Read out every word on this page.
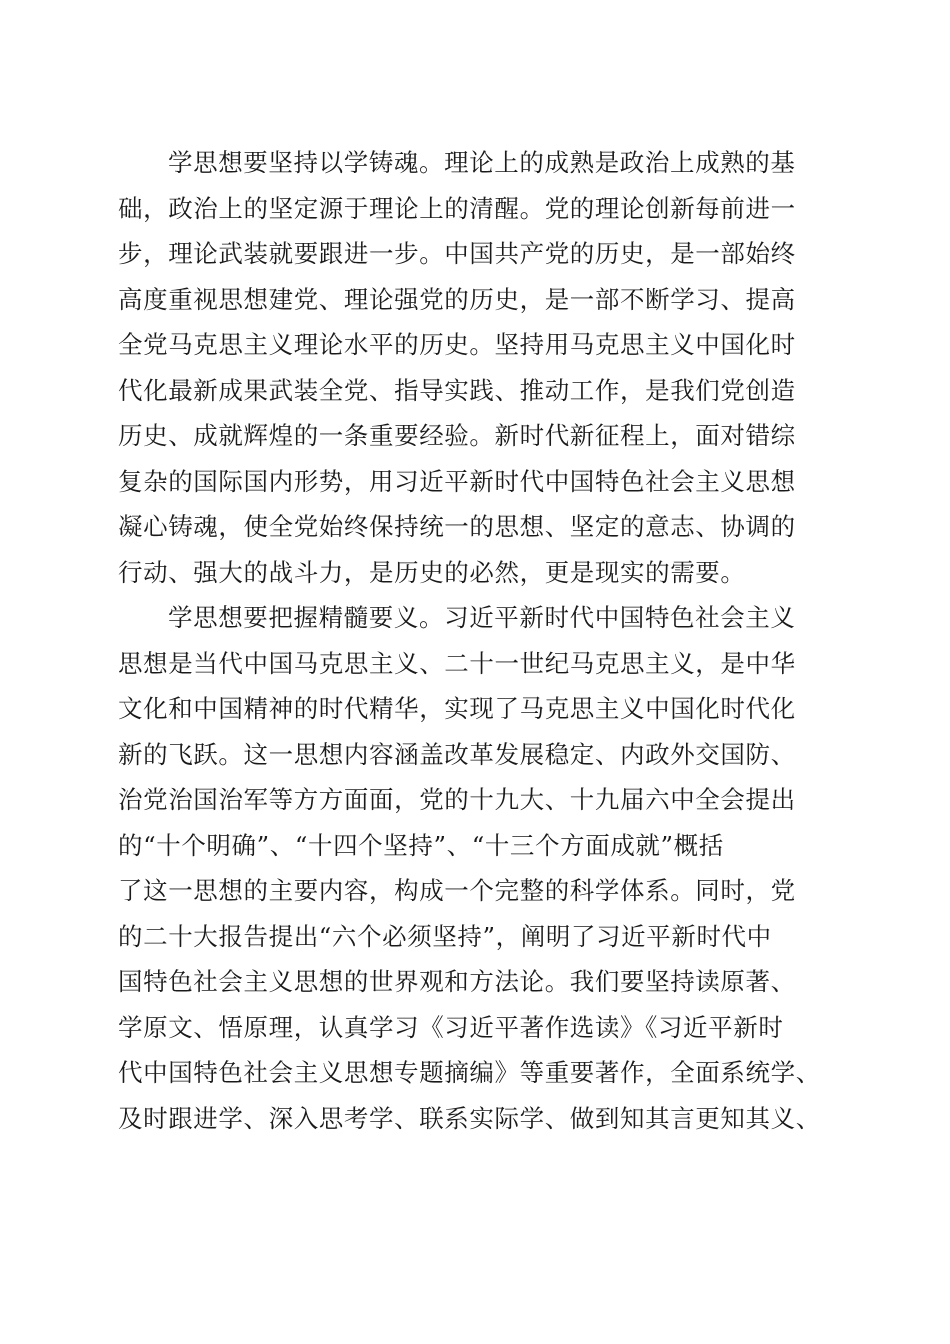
学思想要坚持以学铸魂。理论上的成熟是政治上成熟的基
础，政治上的坚定源于理论上的清醒。党的理论创新每前进一
步，理论武装就要跟进一步。中国共产党的历史，是一部始终
高度重视思想建党、理论强党的历史，是一部不断学习、提高
全党马克思主义理论水平的历史。坚持用马克思主义中国化时
代化最新成果武装全党、指导实践、推动工作，是我们党创造
历史、成就辉煌的一条重要经验。新时代新征程上，面对错综
复杂的国际国内形势，用习近平新时代中国特色社会主义思想
凝心铸魂，使全党始终保持统一的思想、坚定的意志、协调的
行动、强大的战斗力，是历史的必然，更是现实的需要。
学思想要把握精髓要义。习近平新时代中国特色社会主义
思想是当代中国马克思主义、二十一世纪马克思主义，是中华
文化和中国精神的时代精华，实现了马克思主义中国化时代化
新的飞跃。这一思想内容涵盖改革发展稳定、内政外交国防、
治党治国治军等方方面面，党的十九大、十九届六中全会提出
的“十个明确”、“十四个坚持”、“十三个方面成就”概括
了这一思想的主要内容，构成一个完整的科学体系。同时，党
的二十大报告提出“六个必须坚持”，阐明了习近平新时代中
国特色社会主义思想的世界观和方法论。我们要坚持读原著、
学原文、悟原理，认真学习《习近平著作选读》《习近平新时
代中国特色社会主义思想专题摘编》等重要著作，全面系统学、
及时跟进学、深入思考学、联系实际学、做到知其言更知其义、
